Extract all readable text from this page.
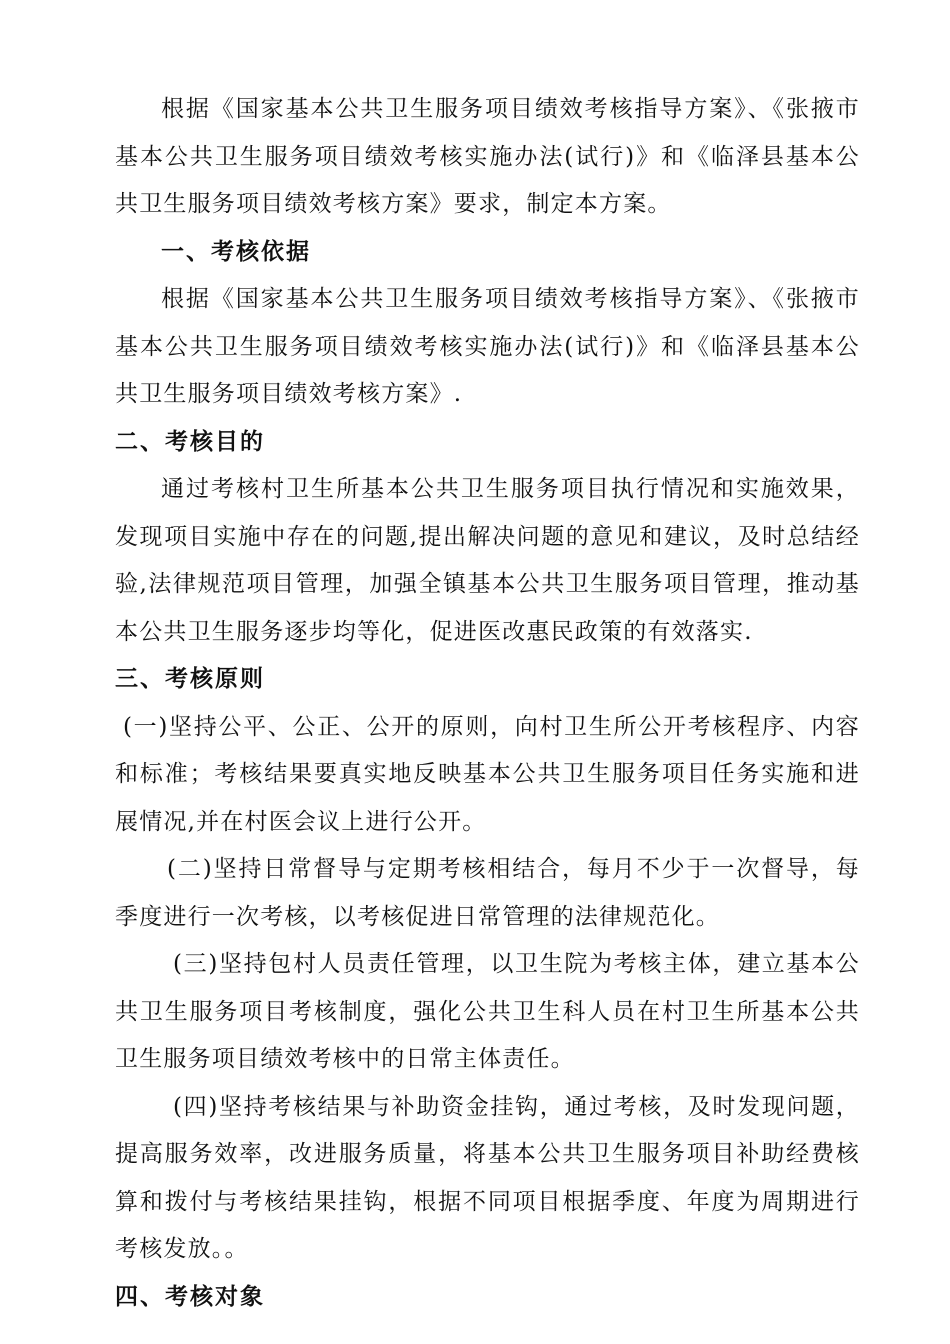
根据《国家基本公共卫生服务项目绩效考核指导方案》、《张掖市基本公共卫生服务项目绩效考核实施办法(试行)》和《临泽县基本公共卫生服务项目绩效考核方案》要求，制定本方案。

一、考核依据

根据《国家基本公共卫生服务项目绩效考核指导方案》、《张掖市基本公共卫生服务项目绩效考核实施办法(试行)》和《临泽县基本公共卫生服务项目绩效考核方案》.

二、考核目的

通过考核村卫生所基本公共卫生服务项目执行情况和实施效果，发现项目实施中存在的问题,提出解决问题的意见和建议，及时总结经验,法律规范项目管理，加强全镇基本公共卫生服务项目管理，推动基本公共卫生服务逐步均等化，促进医改惠民政策的有效落实.

三、考核原则

(一)坚持公平、公正、公开的原则，向村卫生所公开考核程序、内容和标准；考核结果要真实地反映基本公共卫生服务项目任务实施和进展情况,并在村医会议上进行公开。

(二)坚持日常督导与定期考核相结合，每月不少于一次督导，每季度进行一次考核，以考核促进日常管理的法律规范化。

(三)坚持包村人员责任管理，以卫生院为考核主体，建立基本公共卫生服务项目考核制度，强化公共卫生科人员在村卫生所基本公共卫生服务项目绩效考核中的日常主体责任。

(四)坚持考核结果与补助资金挂钩，通过考核，及时发现问题，提高服务效率，改进服务质量，将基本公共卫生服务项目补助经费核算和拨付与考核结果挂钩，根据不同项目根据季度、年度为周期进行考核发放。。

四、考核对象
